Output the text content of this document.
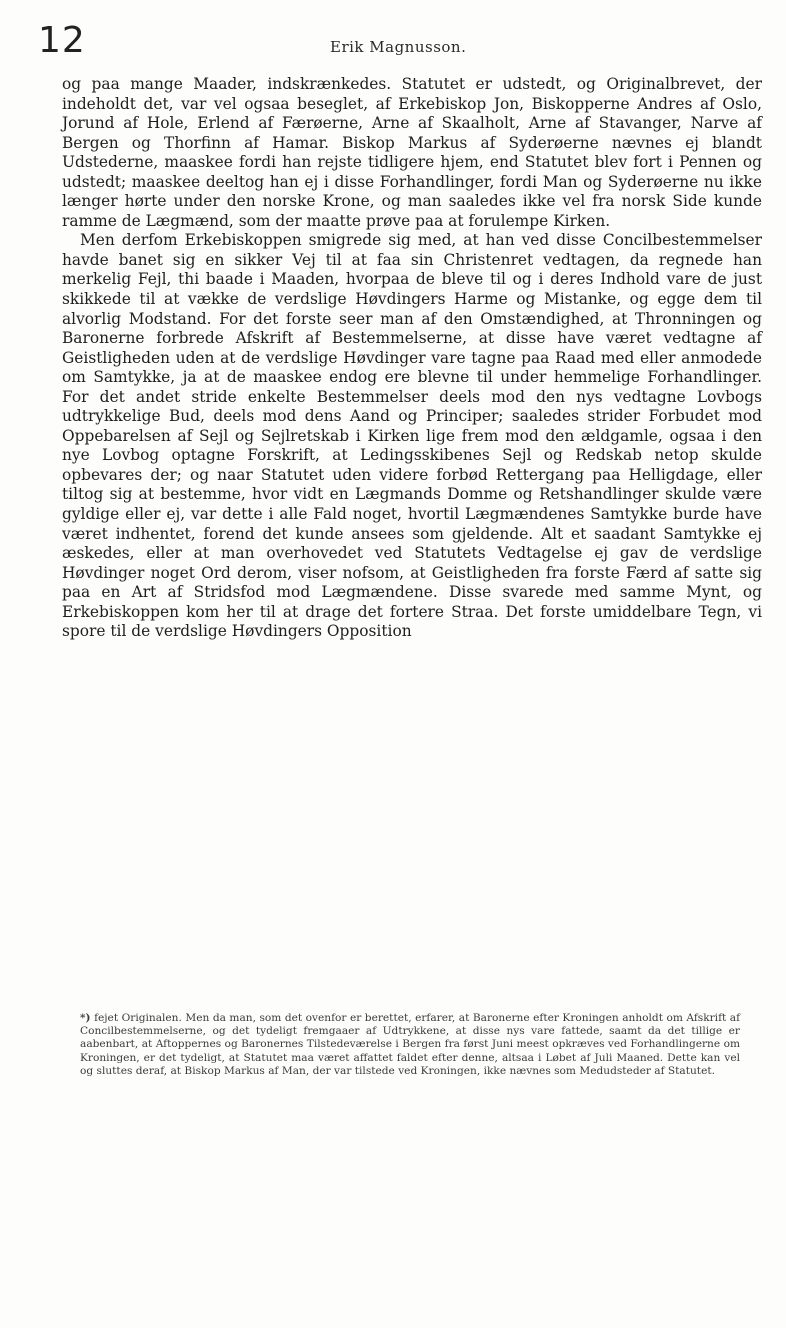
12	Erik Magnusson.

og paa mange Maader, indskrænkedes. Statutet er udstedt, og Originalbrevet, der indeholdt det, var vel ogsaa beseglet, af Erkebiskop Jon, Biskopperne Andres af Oslo, Jorund af Hole, Erlend af Færøerne, Arne af Skaalholt, Arne af Stavanger, Narve af Bergen og Thorfinn af Hamar. Biskop Markus af Syderøerne nævnes ej blandt Udstederne, maaskee fordi han rejste tidligere hjem, end Statutet blev fort i Pennen og udstedt; maaskee deeltog han ej i disse Forhandlinger, fordi Man og Syderøerne nu ikke længer hørte under den norske Krone, og man saaledes ikke vel fra norsk Side kunde ramme de Lægmænd, som der maatte prøve paa at forulempe Kirken.

Men derfom Erkebiskoppen smigrede sig med, at han ved disse Concilbestemmelser havde banet sig en sikker Vej til at faa sin Christenret vedtagen, da regnede han merkelig Fejl, thi baade i Maaden, hvorpaa de bleve til og i deres Indhold vare de just skikkede til at vække de verdslige Høvdingers Harme og Mistanke, og egge dem til alvorlig Modstand. For det forste seer man af den Omstændighed, at Thronningen og Baronerne forbrede Afskrift af Bestemmelserne, at disse have været vedtagne af Geistligheden uden at de verdslige Høvdinger vare tagne paa Raad med eller anmodede om Samtykke, ja at de maaskee endog ere blevne til under hemmelige Forhandlinger. For det andet stride enkelte Bestemmelser deels mod den nys vedtagne Lovbogs udtrykkelige Bud, deels mod dens Aand og Principer; saaledes strider Forbudet mod Oppebarelsen af Sejl og Sejlretskab i Kirken lige frem mod den ældgamle, ogsaa i den nye Lovbog optagne Forskrift, at Ledingsskibenes Sejl og Redskab netop skulde opbevares der; og naar Statutet uden videre forbød Rettergang paa Helligdage, eller tiltog sig at bestemme, hvor vidt en Lægmands Domme og Retshandlinger skulde være gyldige eller ej, var dette i alle Fald noget, hvortil Lægmændenes Samtykke burde have været indhentet, forend det kunde ansees som gjeldende. Alt et saadant Samtykke ej æskedes, eller at man overhovedet ved Statutets Vedtagelse ej gav de verdslige Høvdinger noget Ord derom, viser nofsom, at Geistligheden fra forste Færd af satte sig paa en Art af Stridsfod mod Lægmændene. Disse svarede med samme Mynt, og Erkebiskoppen kom her til at drage det fortere Straa. Det forste umiddelbare Tegn, vi spore til de verdslige Høvdingers Opposition

*) fejet Originalen. Men da man, som det ovenfor er berettet, erfarer, at Baronerne efter Kroningen anholdt om Afskrift af Concilbestemmelserne, og det tydeligt fremgaaer af Udtrykkene, at disse nys vare fattede, saamt da det tillige er aabenbart, at Aftoppernes og Baronernes Tilstedeværelse i Bergen fra først Juni meest opkræves ved Forhandlingerne om Kroningen, er det tydeligt, at Statutet maa været affattet faldet efter denne, altsaa i Løbet af Juli Maaned. Dette kan vel og sluttes deraf, at Biskop Markus af Man, der var tilstede ved Kroningen, ikke nævnes som Medudsteder af Statutet.
